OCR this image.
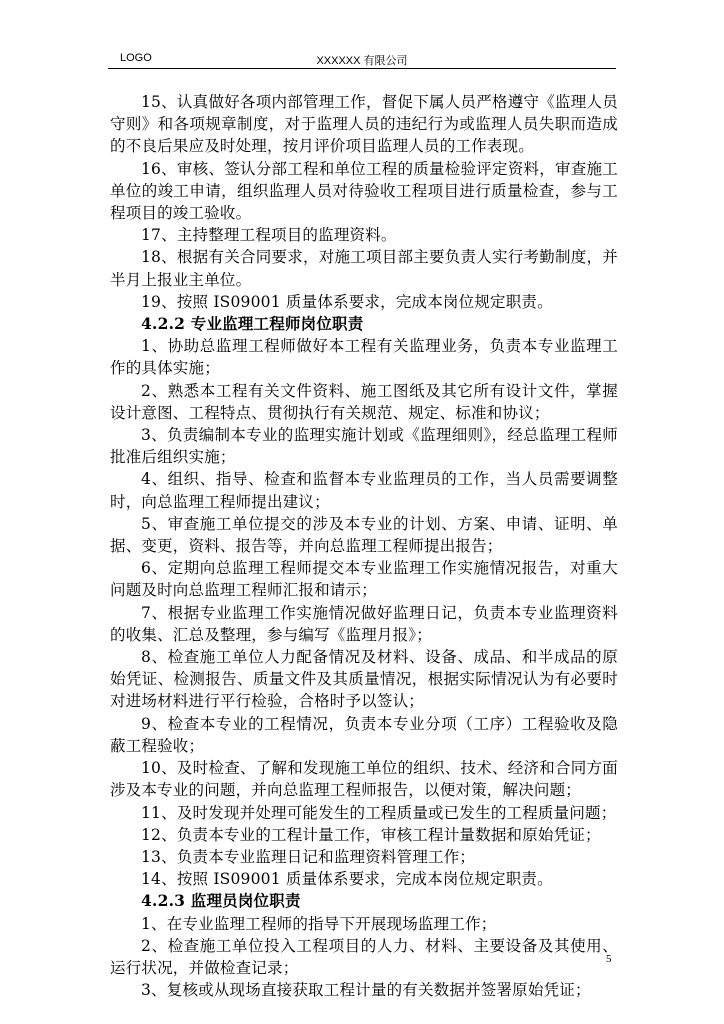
LOGO	XXXXXX 有限公司

15、认真做好各项内部管理工作，督促下属人员严格遵守《监理人员守则》和各项规章制度，对于监理人员的违纪行为或监理人员失职而造成的不良后果应及时处理，按月评价项目监理人员的工作表现。

16、审核、签认分部工程和单位工程的质量检验评定资料，审查施工单位的竣工申请，组织监理人员对待验收工程项目进行质量检查，参与工程项目的竣工验收。

17、主持整理工程项目的监理资料。

18、根据有关合同要求，对施工项目部主要负责人实行考勤制度，并半月上报业主单位。

19、按照 IS09001 质量体系要求，完成本岗位规定职责。

4.2.2 专业监理工程师岗位职责

1、协助总监理工程师做好本工程有关监理业务，负责本专业监理工作的具体实施；

2、熟悉本工程有关文件资料、施工图纸及其它所有设计文件，掌握设计意图、工程特点、贯彻执行有关规范、规定、标准和协议；

3、负责编制本专业的监理实施计划或《监理细则》，经总监理工程师批准后组织实施；

4、组织、指导、检查和监督本专业监理员的工作，当人员需要调整时，向总监理工程师提出建议；

5、审查施工单位提交的涉及本专业的计划、方案、申请、证明、单据、变更，资料、报告等，并向总监理工程师提出报告；

6、定期向总监理工程师提交本专业监理工作实施情况报告，对重大问题及时向总监理工程师汇报和请示；

7、根据专业监理工作实施情况做好监理日记，负责本专业监理资料的收集、汇总及整理，参与编写《监理月报》；

8、检查施工单位人力配备情况及材料、设备、成品、和半成品的原始凭证、检测报告、质量文件及其质量情况，根据实际情况认为有必要时对进场材料进行平行检验，合格时予以签认；

9、检查本专业的工程情况，负责本专业分项（工序）工程验收及隐蔽工程验收；

10、及时检查、了解和发现施工单位的组织、技术、经济和合同方面涉及本专业的问题，并向总监理工程师报告，以便对策，解决问题；

11、及时发现并处理可能发生的工程质量或已发生的工程质量问题；

12、负责本专业的工程计量工作，审核工程计量数据和原始凭证；

13、负责本专业监理日记和监理资料管理工作；

14、按照 IS09001 质量体系要求，完成本岗位规定职责。

4.2.3 监理员岗位职责

1、在专业监理工程师的指导下开展现场监理工作；

2、检查施工单位投入工程项目的人力、材料、主要设备及其使用、运行状况，并做检查记录；

3、复核或从现场直接获取工程计量的有关数据并签署原始凭证；

5
